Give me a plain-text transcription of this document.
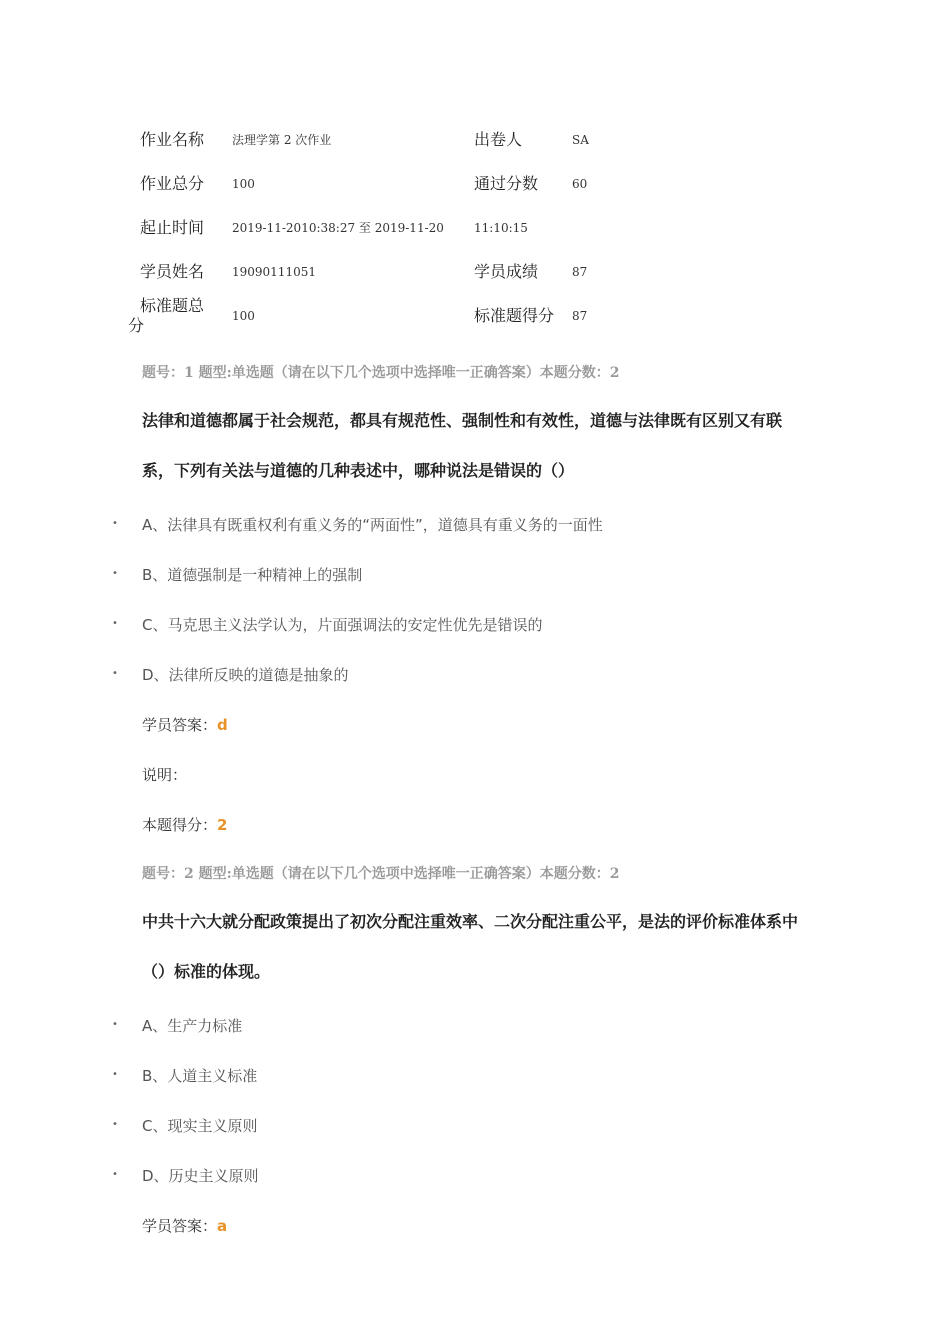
作业名称 法理学第 2 次作业	出卷人	SA
作业总分 100	通过分数	60
起止时间 2019-11-2010:38:27 至 2019-11-20	11:10:15
学员姓名 19090111051	学员成绩	87
标准题总分	100	标准题得分 87
题号：1 题型:单选题（请在以下几个选项中选择唯一正确答案）本题分数：2
法律和道德都属于社会规范，都具有规范性、强制性和有效性，道德与法律既有区别又有联系，下列有关法与道德的几种表述中，哪种说法是错误的（）
• A、法律具有既重权利有重义务的“两面性”，道德具有重义务的一面性
• B、道德强制是一种精神上的强制
• C、马克思主义法学认为，片面强调法的安定性优先是错误的
• D、法律所反映的道德是抽象的
学员答案：d
说明：
本题得分：2
题号：2 题型:单选题（请在以下几个选项中选择唯一正确答案）本题分数：2
中共十六大就分配政策提出了初次分配注重效率、二次分配注重公平，是法的评价标准体系中（）标准的体现。
• A、生产力标准
• B、人道主义标准
• C、现实主义原则
• D、历史主义原则
学员答案：a
